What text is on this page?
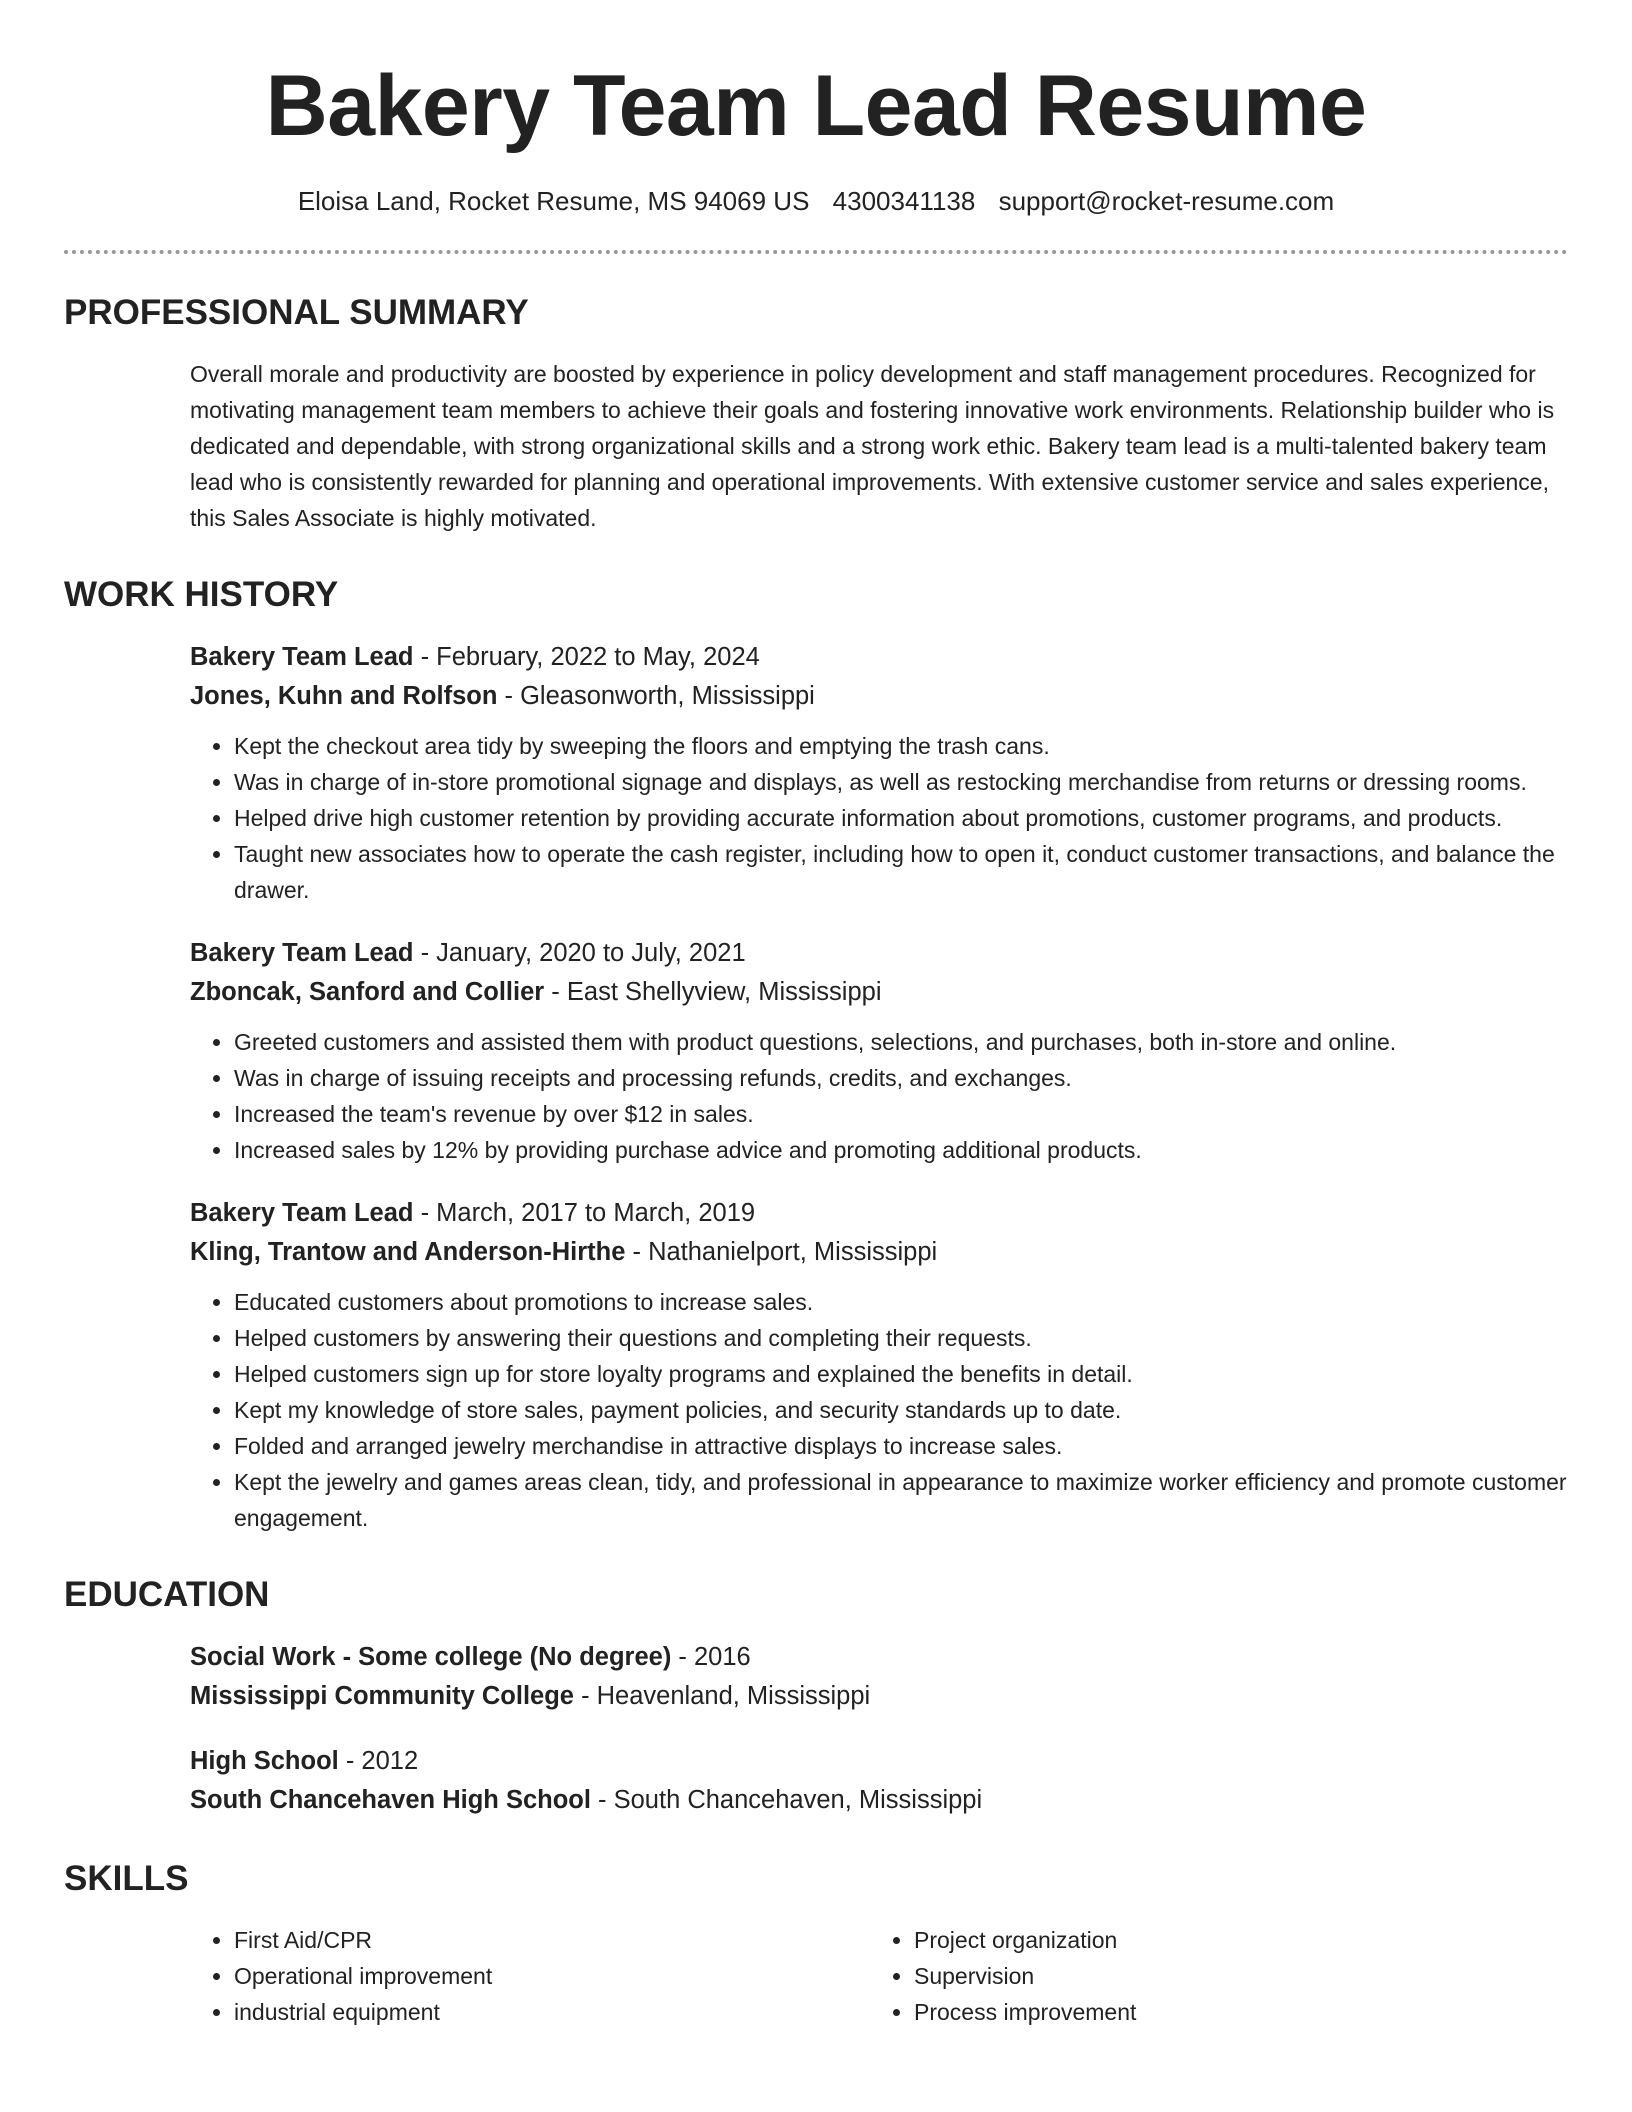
Bakery Team Lead Resume
Eloisa Land, Rocket Resume, MS 94069 US 4300341138 support@rocket-resume.com
PROFESSIONAL SUMMARY

Overall morale and productivity are boosted by experience in policy development and staff management procedures. Recognized for motivating management team members to achieve their goals and fostering innovative work environments. Relationship builder who is dedicated and dependable, with strong organizational skills and a strong work ethic. Bakery team lead is a multi-talented bakery team lead who is consistently rewarded for planning and operational improvements. With extensive customer service and sales experience, this Sales Associate is highly motivated.

WORK HISTORY
Bakery Team Lead - February, 2022 to May, 2024
Jones, Kuhn and Rolfson - Gleasonworth, Mississippi
• Kept the checkout area tidy by sweeping the floors and emptying the trash cans.
• Was in charge of in-store promotional signage and displays, as well as restocking merchandise from returns or dressing rooms.
• Helped drive high customer retention by providing accurate information about promotions, customer programs, and products.
• Taught new associates how to operate the cash register, including how to open it, conduct customer transactions, and balance the drawer.
Bakery Team Lead - January, 2020 to July, 2021
Zboncak, Sanford and Collier - East Shellyview, Mississippi
• Greeted customers and assisted them with product questions, selections, and purchases, both in-store and online.
• Was in charge of issuing receipts and processing refunds, credits, and exchanges.
• Increased the team's revenue by over $12 in sales.
• Increased sales by 12% by providing purchase advice and promoting additional products.
Bakery Team Lead - March, 2017 to March, 2019
Kling, Trantow and Anderson-Hirthe - Nathanielport, Mississippi
• Educated customers about promotions to increase sales.
• Helped customers by answering their questions and completing their requests.
• Helped customers sign up for store loyalty programs and explained the benefits in detail.
• Kept my knowledge of store sales, payment policies, and security standards up to date.
• Folded and arranged jewelry merchandise in attractive displays to increase sales.
• Kept the jewelry and games areas clean, tidy, and professional in appearance to maximize worker efficiency and promote customer engagement.
EDUCATION
Social Work - Some college (No degree) - 2016
Mississippi Community College - Heavenland, Mississippi
High School - 2012
South Chancehaven High School - South Chancehaven, Mississippi
SKILLS
• First Aid/CPR
• Operational improvement
• industrial equipment
• Project organization
• Supervision
• Process improvement
